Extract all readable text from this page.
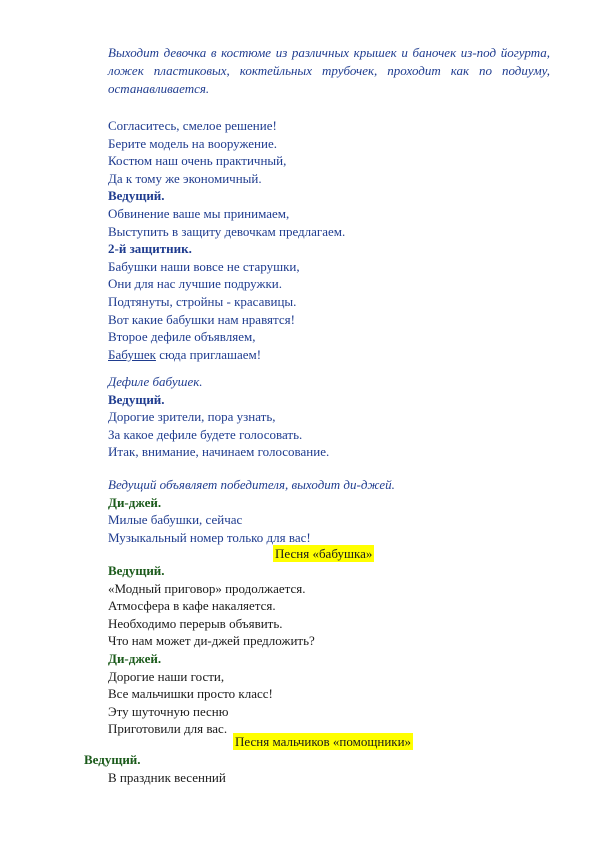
Выходит девочка в костюме из различных крышек и баночек из-под йогурта, ложек пластиковых, коктейльных трубочек, проходит как по подиуму, останавливается.

Согласитесь, смелое решение!
Берите модель на вооружение.
Костюм наш очень практичный,
Да к тому же экономичный.
Ведущий.
Обвинение ваше мы принимаем,
Выступить в защиту девочкам предлагаем.
2-й защитник.
Бабушки наши вовсе не старушки,
Они для нас лучшие подружки.
Подтянуты, стройны - красавицы.
Вот какие бабушки нам нравятся!
Второе дефиле объявляем,
Бабушек сюда приглашаем!
Дефиле бабушек.
Ведущий.
Дорогие зрители, пора узнать,
За какое дефиле будете голосовать.
Итак, внимание, начинаем голосование.
Ведущий объявляет победителя, выходит ди-джей.
Ди-джей.
Милые бабушки, сейчас
Музыкальный номер только для вас!
Песня «бабушка»
Ведущий.
«Модный приговор» продолжается.
Атмосфера в кафе накаляется.
Необходимо перерыв объявить.
Что нам может ди-джей предложить?
Ди-джей.
Дорогие наши гости,
Все мальчишки просто класс!
Эту шуточную песню
Приготовили для вас.
Песня мальчиков «помощники»
Ведущий.
В праздник весенний
